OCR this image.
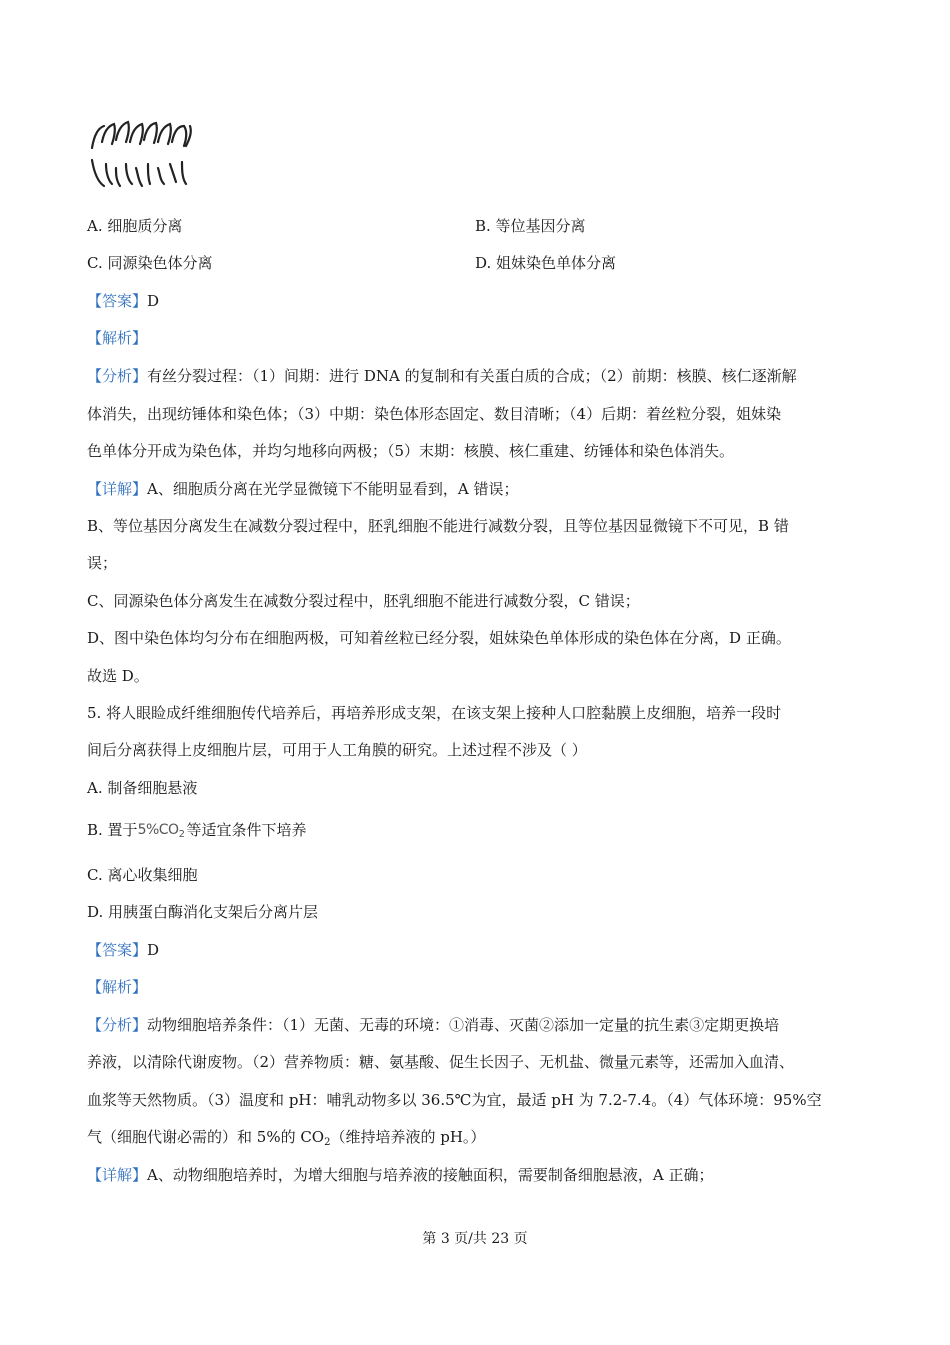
A. 细胞质分离	B. 等位基因分离
C. 同源染色体分离	D. 姐妹染色单体分离
【答案】D
【解析】
【分析】有丝分裂过程：（1）间期：进行 DNA 的复制和有关蛋白质的合成；（2）前期：核膜、核仁逐渐解
体消失，出现纺锤体和染色体；（3）中期：染色体形态固定、数目清晰；（4）后期：着丝粒分裂，姐妹染
色单体分开成为染色体，并均匀地移向两极；（5）末期：核膜、核仁重建、纺锤体和染色体消失。
【详解】A、细胞质分离在光学显微镜下不能明显看到，A 错误；
B、等位基因分离发生在减数分裂过程中，胚乳细胞不能进行减数分裂，且等位基因显微镜下不可见，B 错
误；
C、同源染色体分离发生在减数分裂过程中，胚乳细胞不能进行减数分裂，C 错误；
D、图中染色体均匀分布在细胞两极，可知着丝粒已经分裂，姐妹染色单体形成的染色体在分离，D 正确。
故选 D。
5. 将人眼睑成纤维细胞传代培养后，再培养形成支架，在该支架上接种人口腔黏膜上皮细胞，培养一段时
间后分离获得上皮细胞片层，可用于人工角膜的研究。上述过程不涉及（ ）
A. 制备细胞悬液
B. 置于$5\%CO_2$ 等适宜条件下培养
C. 离心收集细胞
D. 用胰蛋白酶消化支架后分离片层
【答案】D
【解析】
【分析】动物细胞培养条件：（1）无菌、无毒的环境：①消毒、灭菌②添加一定量的抗生素③定期更换培
养液，以清除代谢废物。（2）营养物质：糖、氨基酸、促生长因子、无机盐、微量元素等，还需加入血清、
血浆等天然物质。（3）温度和 pH：哺乳动物多以 36.5℃为宜，最适 pH 为 7.2-7.4。（4）气体环境：95%空
气（细胞代谢必需的）和 5%的 $CO_2$（维持培养液的 pH。）
【详解】A、动物细胞培养时，为增大细胞与培养液的接触面积，需要制备细胞悬液，A 正确；
第 3 页/共 23 页
